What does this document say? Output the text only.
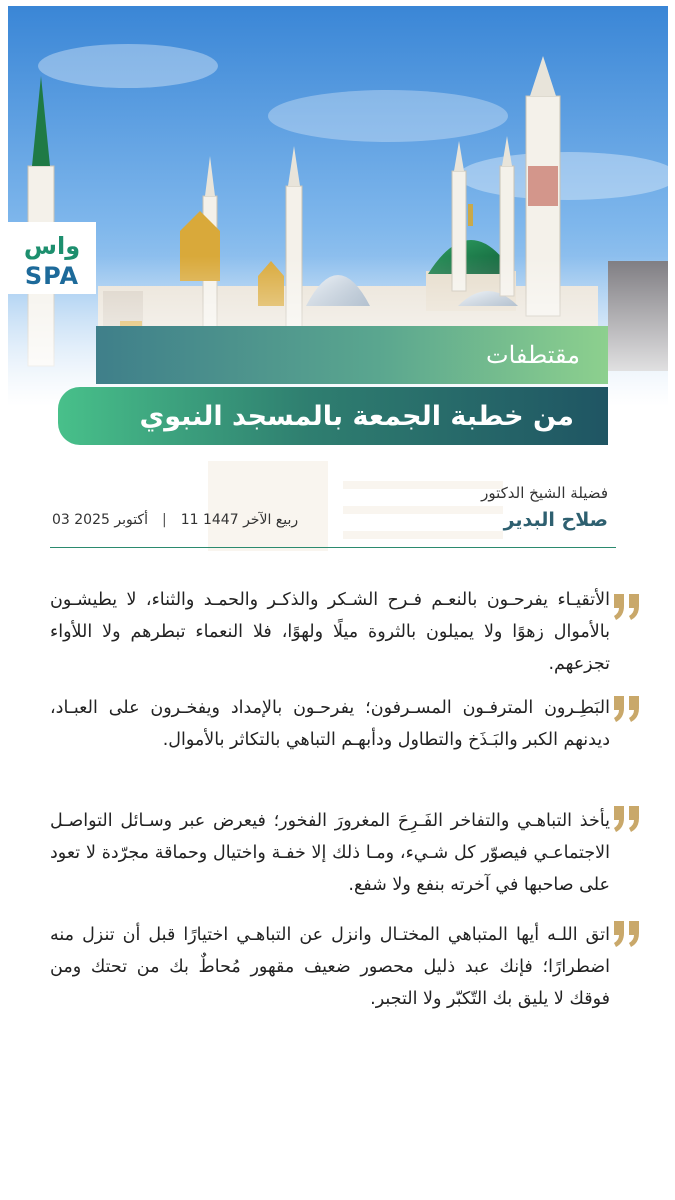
واس
SPA
مقتطفات
من خطبة الجمعة بالمسجد النبوي
فضيلة الشيخ الدكتور
صلاح البدير
03 أكتوبر 2025 | 11 ربيع الآخر 1447
الأتقيـاء يفرحـون بالنعـم فـرح الشـكر والذكـر والحمـد والثناء، لا يطيشـون بالأموال زهوًا ولا يميلون بالثروة ميلًا ولهوًا، فلا النعماء تبطرهم ولا اللأواء تجزعهم.
البَطِـرون المترفـون المسـرفون؛ يفرحـون بالإمداد ويفخـرون على العبـاد، ديدنهم الكبر والبَـذَخ والتطاول ودأبهـم التباهي بالتكاثر بالأموال.
يأخذ التباهـي والتفاخر الفَـرِحَ المغرورَ الفخور؛ فيعرض عبر وسـائل التواصـل الاجتماعـي فيصوّر كل شـيء، ومـا ذلك إلا خفـة واختيال وحماقة مجرّدة لا تعود على صاحبها في آخرته بنفع ولا شفع.
اتق اللـه أيها المتباهي المختـال وانزل عن التباهـي اختيارًا قبل أن تنزل منه اضطرارًا؛ فإنك عبد ذليل محصور ضعيف مقهور مُحاطٌ بك من تحتك ومن فوقك لا يليق بك التّكبّر ولا التجبر.
